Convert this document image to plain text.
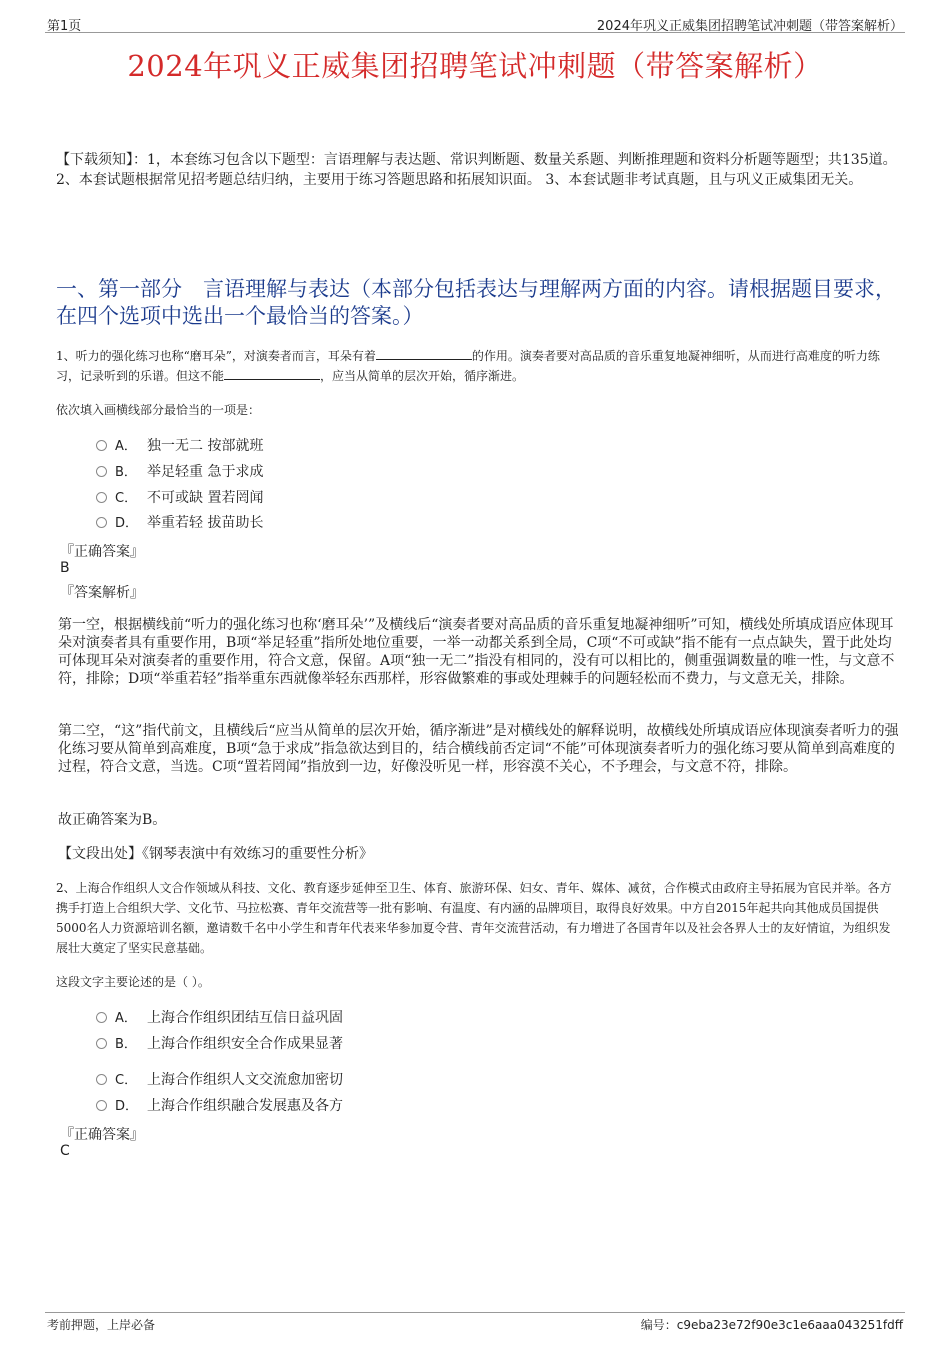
第1页	2024年巩义正威集团招聘笔试冲刺题（带答案解析）
2024年巩义正威集团招聘笔试冲刺题（带答案解析）
【下载须知】：1，本套练习包含以下题型：言语理解与表达题、常识判断题、数量关系题、判断推理题和资料分析题等题型；共135道。 2、本套试题根据常见招考题总结归纳，主要用于练习答题思路和拓展知识面。 3、本套试题非考试真题，且与巩义正威集团无关。
一、第一部分　言语理解与表达（本部分包括表达与理解两方面的内容。请根据题目要求，在四个选项中选出一个最恰当的答案。）
1、听力的强化练习也称“磨耳朵”，对演奏者而言，耳朵有着	的作用。演奏者要对高品质的音乐重复地凝神细听，从而进行高难度的听力练习，记录听到的乐谱。但这不能	，应当从简单的层次开始，循序渐进。
依次填入画横线部分最恰当的一项是：
A． 独一无二 按部就班
B． 举足轻重 急于求成
C． 不可或缺 置若罔闻
D． 举重若轻 拔苗助长
『正确答案』
B
『答案解析』
第一空，根据横线前“听力的强化练习也称‘磨耳朵’”及横线后“演奏者要对高品质的音乐重复地凝神细听”可知，横线处所填成语应体现耳朵对演奏者具有重要作用，B项“举足轻重”指所处地位重要，一举一动都关系到全局，C项“不可或缺”指不能有一点点缺失，置于此处均可体现耳朵对演奏者的重要作用，符合文意，保留。A项“独一无二”指没有相同的，没有可以相比的，侧重强调数量的唯一性，与文意不符，排除；D项“举重若轻”指举重东西就像举轻东西那样，形容做繁难的事或处理棘手的问题轻松而不费力，与文意无关，排除。
第二空，“这”指代前文，且横线后“应当从简单的层次开始，循序渐进”是对横线处的解释说明，故横线处所填成语应体现演奏者听力的强化练习要从简单到高难度，B项“急于求成”指急欲达到目的，结合横线前否定词“不能”可体现演奏者听力的强化练习要从简单到高难度的过程，符合文意，当选。C项“置若罔闻”指放到一边，好像没听见一样，形容漠不关心，不予理会，与文意不符，排除。
故正确答案为B。
【文段出处】《钢琴表演中有效练习的重要性分析》
2、上海合作组织人文合作领域从科技、文化、教育逐步延伸至卫生、体育、旅游环保、妇女、青年、媒体、减贫，合作模式由政府主导拓展为官民并举。各方携手打造上合组织大学、文化节、马拉松赛、青年交流营等一批有影响、有温度、有内涵的品牌项目，取得良好效果。中方自2015年起共向其他成员国提供5000名人力资源培训名额，邀请数千名中小学生和青年代表来华参加夏令营、青年交流营活动，有力增进了各国青年以及社会各界人士的友好情谊，为组织发展壮大奠定了坚实民意基础。
这段文字主要论述的是（ ）。
A． 上海合作组织团结互信日益巩固
B． 上海合作组织安全合作成果显著
C． 上海合作组织人文交流愈加密切
D． 上海合作组织融合发展惠及各方
『正确答案』
C
考前押题，上岸必备	编号：c9eba23e72f90e3c1e6aaa043251fdff
